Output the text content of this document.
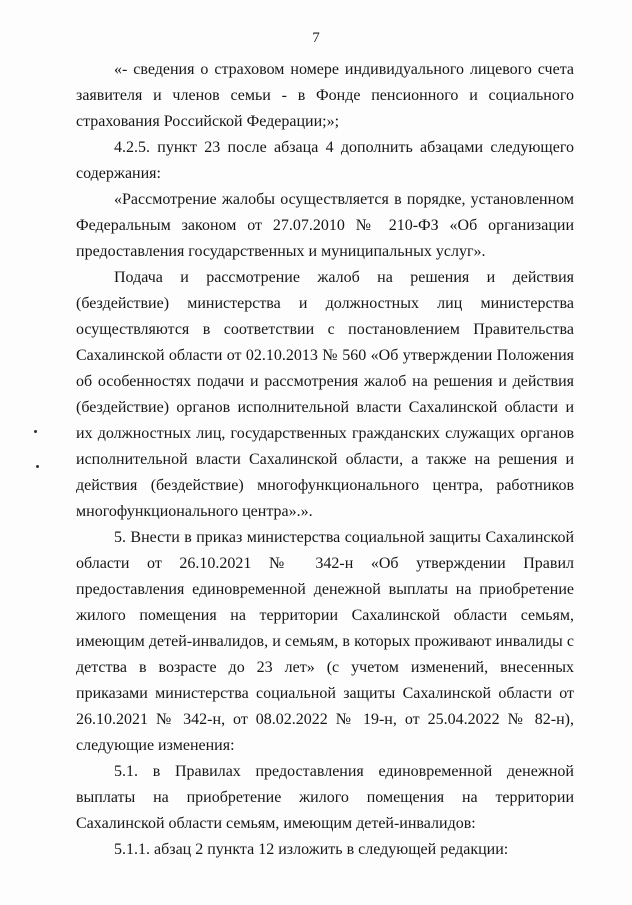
7

«- сведения о страховом номере индивидуального лицевого счета заявителя и членов семьи - в Фонде пенсионного и социального страхования Российской Федерации;»;

4.2.5. пункт 23 после абзаца 4 дополнить абзацами следующего содержания:

«Рассмотрение жалобы осуществляется в порядке, установленном Федеральным законом от 27.07.2010 № 210-ФЗ «Об организации предоставления государственных и муниципальных услуг».

Подача и рассмотрение жалоб на решения и действия (бездействие) министерства и должностных лиц министерства осуществляются в соответствии с постановлением Правительства Сахалинской области от 02.10.2013 № 560 «Об утверждении Положения об особенностях подачи и рассмотрения жалоб на решения и действия (бездействие) органов исполнительной власти Сахалинской области и их должностных лиц, государственных гражданских служащих органов исполнительной власти Сахалинской области, а также на решения и действия (бездействие) многофункционального центра, работников многофункционального центра».».

5. Внести в приказ министерства социальной защиты Сахалинской области от 26.10.2021 № 342-н «Об утверждении Правил предоставления единовременной денежной выплаты на приобретение жилого помещения на территории Сахалинской области семьям, имеющим детей-инвалидов, и семьям, в которых проживают инвалиды с детства в возрасте до 23 лет» (с учетом изменений, внесенных приказами министерства социальной защиты Сахалинской области от 26.10.2021 № 342-н, от 08.02.2022 № 19-н, от 25.04.2022 № 82-н), следующие изменения:

5.1. в Правилах предоставления единовременной денежной выплаты на приобретение жилого помещения на территории Сахалинской области семьям, имеющим детей-инвалидов:

5.1.1. абзац 2 пункта 12 изложить в следующей редакции:
